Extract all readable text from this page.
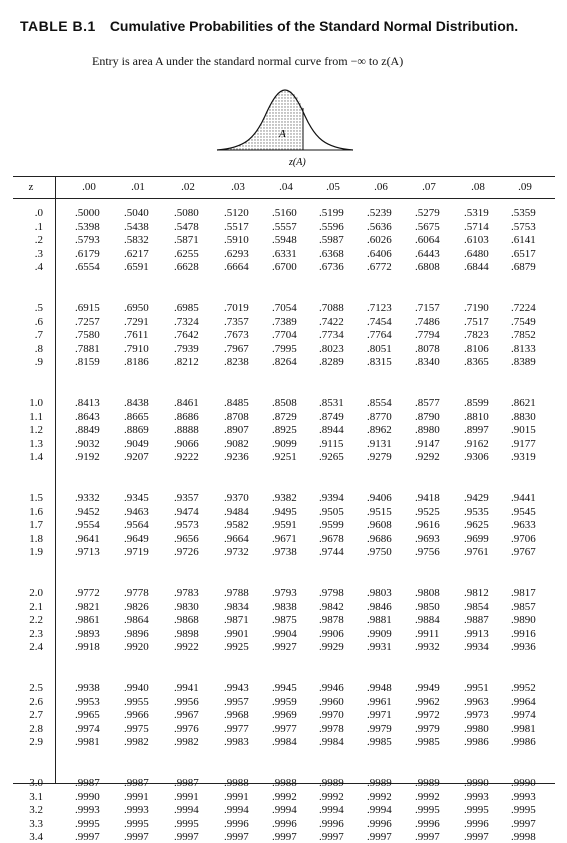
TABLE B.1 Cumulative Probabilities of the Standard Normal Distribution.
Entry is area A under the standard normal curve from −∞ to z(A)
A
z(A)
z	.00	.01	.02	.03	.04	.05	.06	.07	.08	.09
.0	.5000	.5040	.5080	.5120	.5160	.5199	.5239	.5279	.5319	.5359
.1	.5398	.5438	.5478	.5517	.5557	.5596	.5636	.5675	.5714	.5753
.2	.5793	.5832	.5871	.5910	.5948	.5987	.6026	.6064	.6103	.6141
.3	.6179	.6217	.6255	.6293	.6331	.6368	.6406	.6443	.6480	.6517
.4	.6554	.6591	.6628	.6664	.6700	.6736	.6772	.6808	.6844	.6879
.5	.6915	.6950	.6985	.7019	.7054	.7088	.7123	.7157	.7190	.7224
.6	.7257	.7291	.7324	.7357	.7389	.7422	.7454	.7486	.7517	.7549
.7	.7580	.7611	.7642	.7673	.7704	.7734	.7764	.7794	.7823	.7852
.8	.7881	.7910	.7939	.7967	.7995	.8023	.8051	.8078	.8106	.8133
.9	.8159	.8186	.8212	.8238	.8264	.8289	.8315	.8340	.8365	.8389
1.0	.8413	.8438	.8461	.8485	.8508	.8531	.8554	.8577	.8599	.8621
1.1	.8643	.8665	.8686	.8708	.8729	.8749	.8770	.8790	.8810	.8830
1.2	.8849	.8869	.8888	.8907	.8925	.8944	.8962	.8980	.8997	.9015
1.3	.9032	.9049	.9066	.9082	.9099	.9115	.9131	.9147	.9162	.9177
1.4	.9192	.9207	.9222	.9236	.9251	.9265	.9279	.9292	.9306	.9319
1.5	.9332	.9345	.9357	.9370	.9382	.9394	.9406	.9418	.9429	.9441
1.6	.9452	.9463	.9474	.9484	.9495	.9505	.9515	.9525	.9535	.9545
1.7	.9554	.9564	.9573	.9582	.9591	.9599	.9608	.9616	.9625	.9633
1.8	.9641	.9649	.9656	.9664	.9671	.9678	.9686	.9693	.9699	.9706
1.9	.9713	.9719	.9726	.9732	.9738	.9744	.9750	.9756	.9761	.9767
2.0	.9772	.9778	.9783	.9788	.9793	.9798	.9803	.9808	.9812	.9817
2.1	.9821	.9826	.9830	.9834	.9838	.9842	.9846	.9850	.9854	.9857
2.2	.9861	.9864	.9868	.9871	.9875	.9878	.9881	.9884	.9887	.9890
2.3	.9893	.9896	.9898	.9901	.9904	.9906	.9909	.9911	.9913	.9916
2.4	.9918	.9920	.9922	.9925	.9927	.9929	.9931	.9932	.9934	.9936
2.5	.9938	.9940	.9941	.9943	.9945	.9946	.9948	.9949	.9951	.9952
2.6	.9953	.9955	.9956	.9957	.9959	.9960	.9961	.9962	.9963	.9964
2.7	.9965	.9966	.9967	.9968	.9969	.9970	.9971	.9972	.9973	.9974
2.8	.9974	.9975	.9976	.9977	.9977	.9978	.9979	.9979	.9980	.9981
2.9	.9981	.9982	.9982	.9983	.9984	.9984	.9985	.9985	.9986	.9986
3.0	.9987	.9987	.9987	.9988	.9988	.9989	.9989	.9989	.9990	.9990
3.1	.9990	.9991	.9991	.9991	.9992	.9992	.9992	.9992	.9993	.9993
3.2	.9993	.9993	.9994	.9994	.9994	.9994	.9994	.9995	.9995	.9995
3.3	.9995	.9995	.9995	.9996	.9996	.9996	.9996	.9996	.9996	.9997
3.4	.9997	.9997	.9997	.9997	.9997	.9997	.9997	.9997	.9997	.9998
